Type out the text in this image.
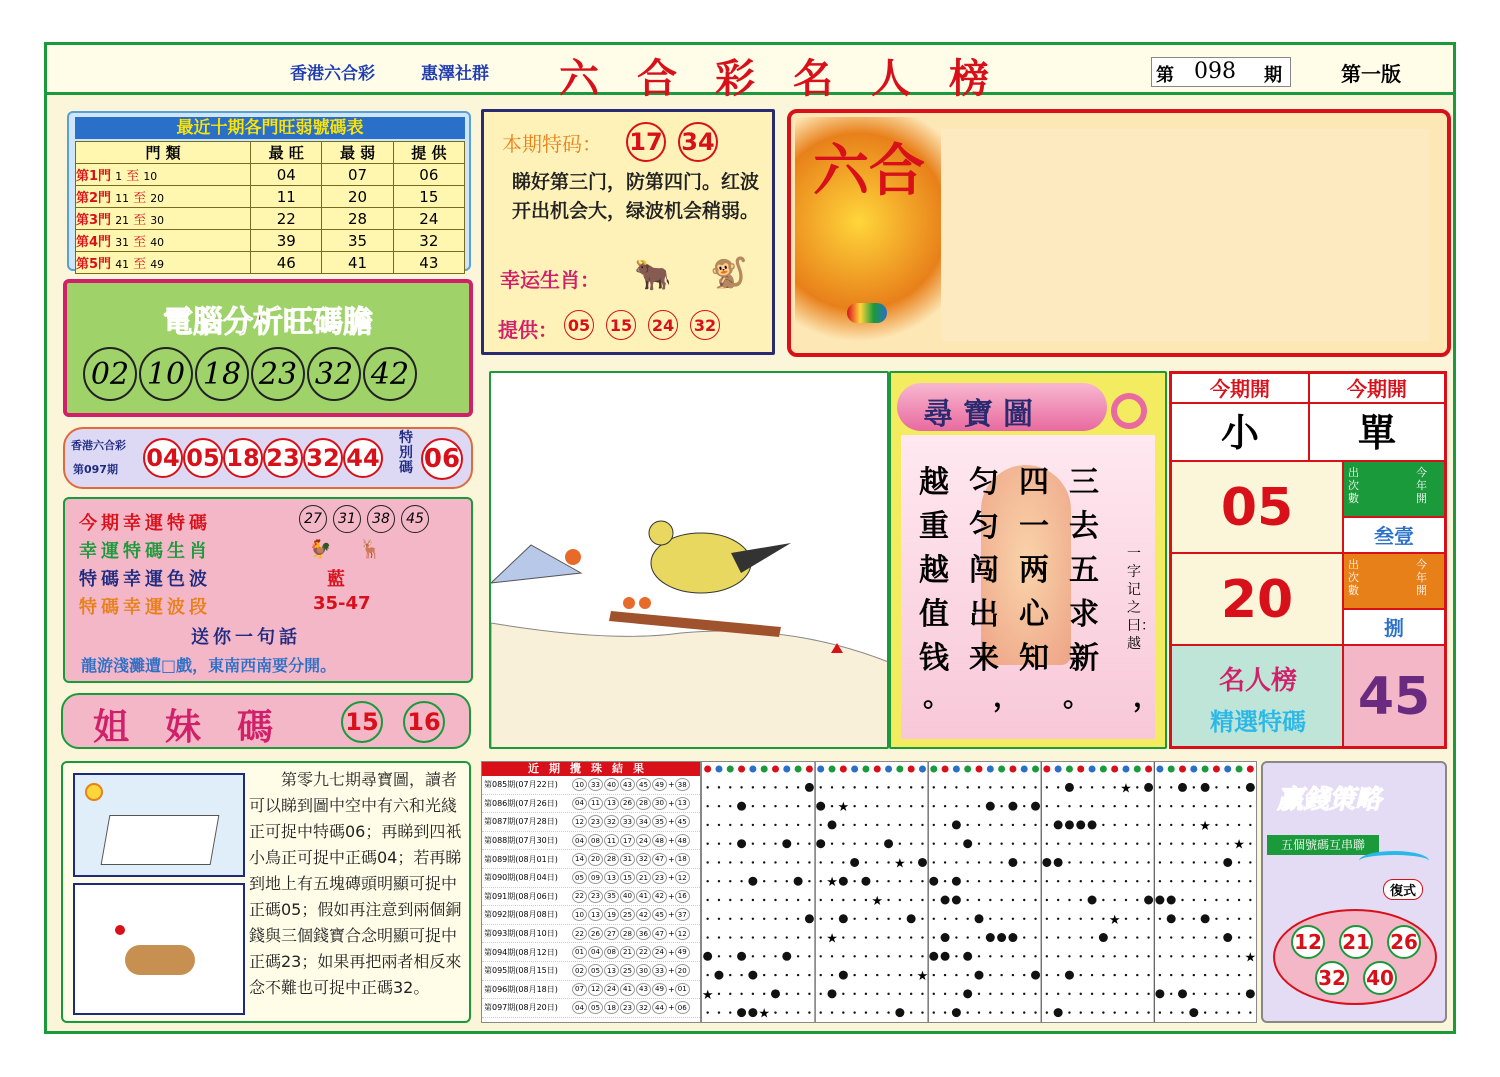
香港六合彩	惠澤社群 六合彩名人榜	第 098 期	第一版
最近十期各門旺弱號碼表
門 類	最 旺	最 弱	提 供
第1門 1 至 10	04	07	06
第2門 11 至 20	11	20	15
第3門 21 至 30	22	28	24
第4門 31 至 40	39	35	32
第5門 41 至 49	46	41	43
電腦分析旺碼膽
02 10 18 23 32 42
香港六合彩
第097期 04 05 18 23 32 44
特別碼 06
今期幸運特碼	27	31	38	45
幸運特碼生肖	🐓 🦌
特碼幸運色波	藍
特碼幸運波段	35-47
送你一句話
龍游淺灘遭□戲，東南西南要分開。
姐妹碼 15 16
本期特码： 17 34
睇好第三门，防第四门。红波开出机会大，绿波机会稍弱。
幸运生肖： 🐂 🐒
提供： 05 15 24 32
六合
尋寶圖
三去五求新
四一两心知
匀匀闯出来
越重越值钱
，
。
，
。
一字记之曰：越
今期開	今期開
小	單
05
出次數
今年開
叁壹
20
出次數
今年開
捌
名人榜
精選特碼 45
第零九七期尋寶圖，讀者可以睇到圖中空中有六和光綫正可捉中特碼06；再睇到四衹小鳥正可捉中正碼04；若再睇到地上有五塊磚頭明顯可捉中正碼05；假如再注意到兩個銅錢與三個錢寶合念明顯可捉中正碼23；如果再把兩者相反來念不難也可捉中正碼32。
近期攪珠結果
第085期(07月22日)	10	33	40	43	45	49 + 38
第086期(07月26日)	04	11	13	26	28	30 + 13
第087期(07月28日)	12	23	32	33	34	35 + 45
第088期(07月30日)	04	08	11	17	24	48 + 48
第089期(08月01日)	14	20	28	31	32	47 + 18
第090期(08月04日)	05	09	13	15	21	23 + 12
第091期(08月06日)	22	23	35	40	41	42 + 16
第092期(08月08日)	10	13	19	25	42	45 + 37
第093期(08月10日)	22	26	27	28	36	47 + 12
第094期(08月12日)	01	04	08	21	22	24 + 49
第095期(08月15日)	02	05	13	25	30	33 + 20
第096期(08月18日)	07	12	24	41	43	49 + 01
第097期(08月20日)	04	05	18	23	32	44 + 06
★
★
★
★
★
★
★
★
★
★
★
★
★
贏錢策略
五個號碼互串聯
復式
12 21 26
32 40
